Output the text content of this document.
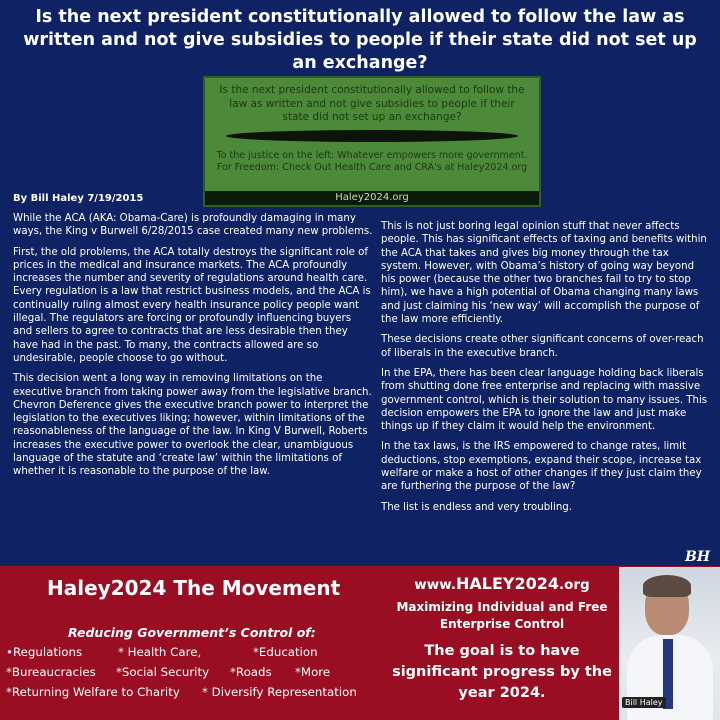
Is the next president constitutionally allowed to follow the law as written and not give subsidies to people if their state did not set up an exchange?
Is the next president constitutionally allowed to follow the law as written and not give subsidies to people if their state did not set up an exchange?
To the justice on the left: Whatever empowers more government.
For Freedom: Check Out Health Care and CRA's at Haley2024.org
Haley2024.org
By Bill Haley 7/19/2015

While the ACA (AKA: Obama-Care) is profoundly damaging in many ways, the King v Burwell 6/28/2015 case created many new problems.

First, the old problems, the ACA totally destroys the significant role of prices in the medical and insurance markets. The ACA profoundly increases the number and severity of regulations around health care. Every regulation is a law that restrict business models, and the ACA is continually ruling almost every health insurance policy people want illegal. The regulators are forcing or profoundly influencing buyers and sellers to agree to contracts that are less desirable then they have had in the past. To many, the contracts allowed are so undesirable, people choose to go without.

This decision went a long way in removing limitations on the executive branch from taking power away from the legislative branch. Chevron Deference gives the executive branch power to interpret the legislation to the executives liking; however, within limitations of the reasonableness of the language of the law. In King V Burwell, Roberts increases the executive power to overlook the clear, unambiguous language of the statute and ‘create law’ within the limitations of whether it is reasonable to the purpose of the law.

This is not just boring legal opinion stuff that never affects people. This has significant effects of taxing and benefits within the ACA that takes and gives big money through the tax system. However, with Obama’s history of going way beyond his power (because the other two branches fail to try to stop him), we have a high potential of Obama changing many laws and just claiming his ‘new way’ will accomplish the purpose of the law more efficiently.

These decisions create other significant concerns of over-reach of liberals in the executive branch.

In the EPA, there has been clear language holding back liberals from shutting done free enterprise and replacing with massive government control, which is their solution to many issues. This decision empowers the EPA to ignore the law and just make things up if they claim it would help the environment.

In the tax laws, is the IRS empowered to change rates, limit deductions, stop exemptions, expand their scope, increase tax welfare or make a host of other changes if they just claim they are furthering the purpose of the law?

The list is endless and very troubling.

BH
Haley2024 The Movement
Reducing Government’s Control of:
•Regulations	* Health Care,	*Education
*Bureaucracies *Social Security *Roads *More
*Returning Welfare to Charity * Diversify Representation
www.HALEY2024.org
Maximizing Individual and Free Enterprise Control
The goal is to have significant progress by the year 2024.
Bill Haley
